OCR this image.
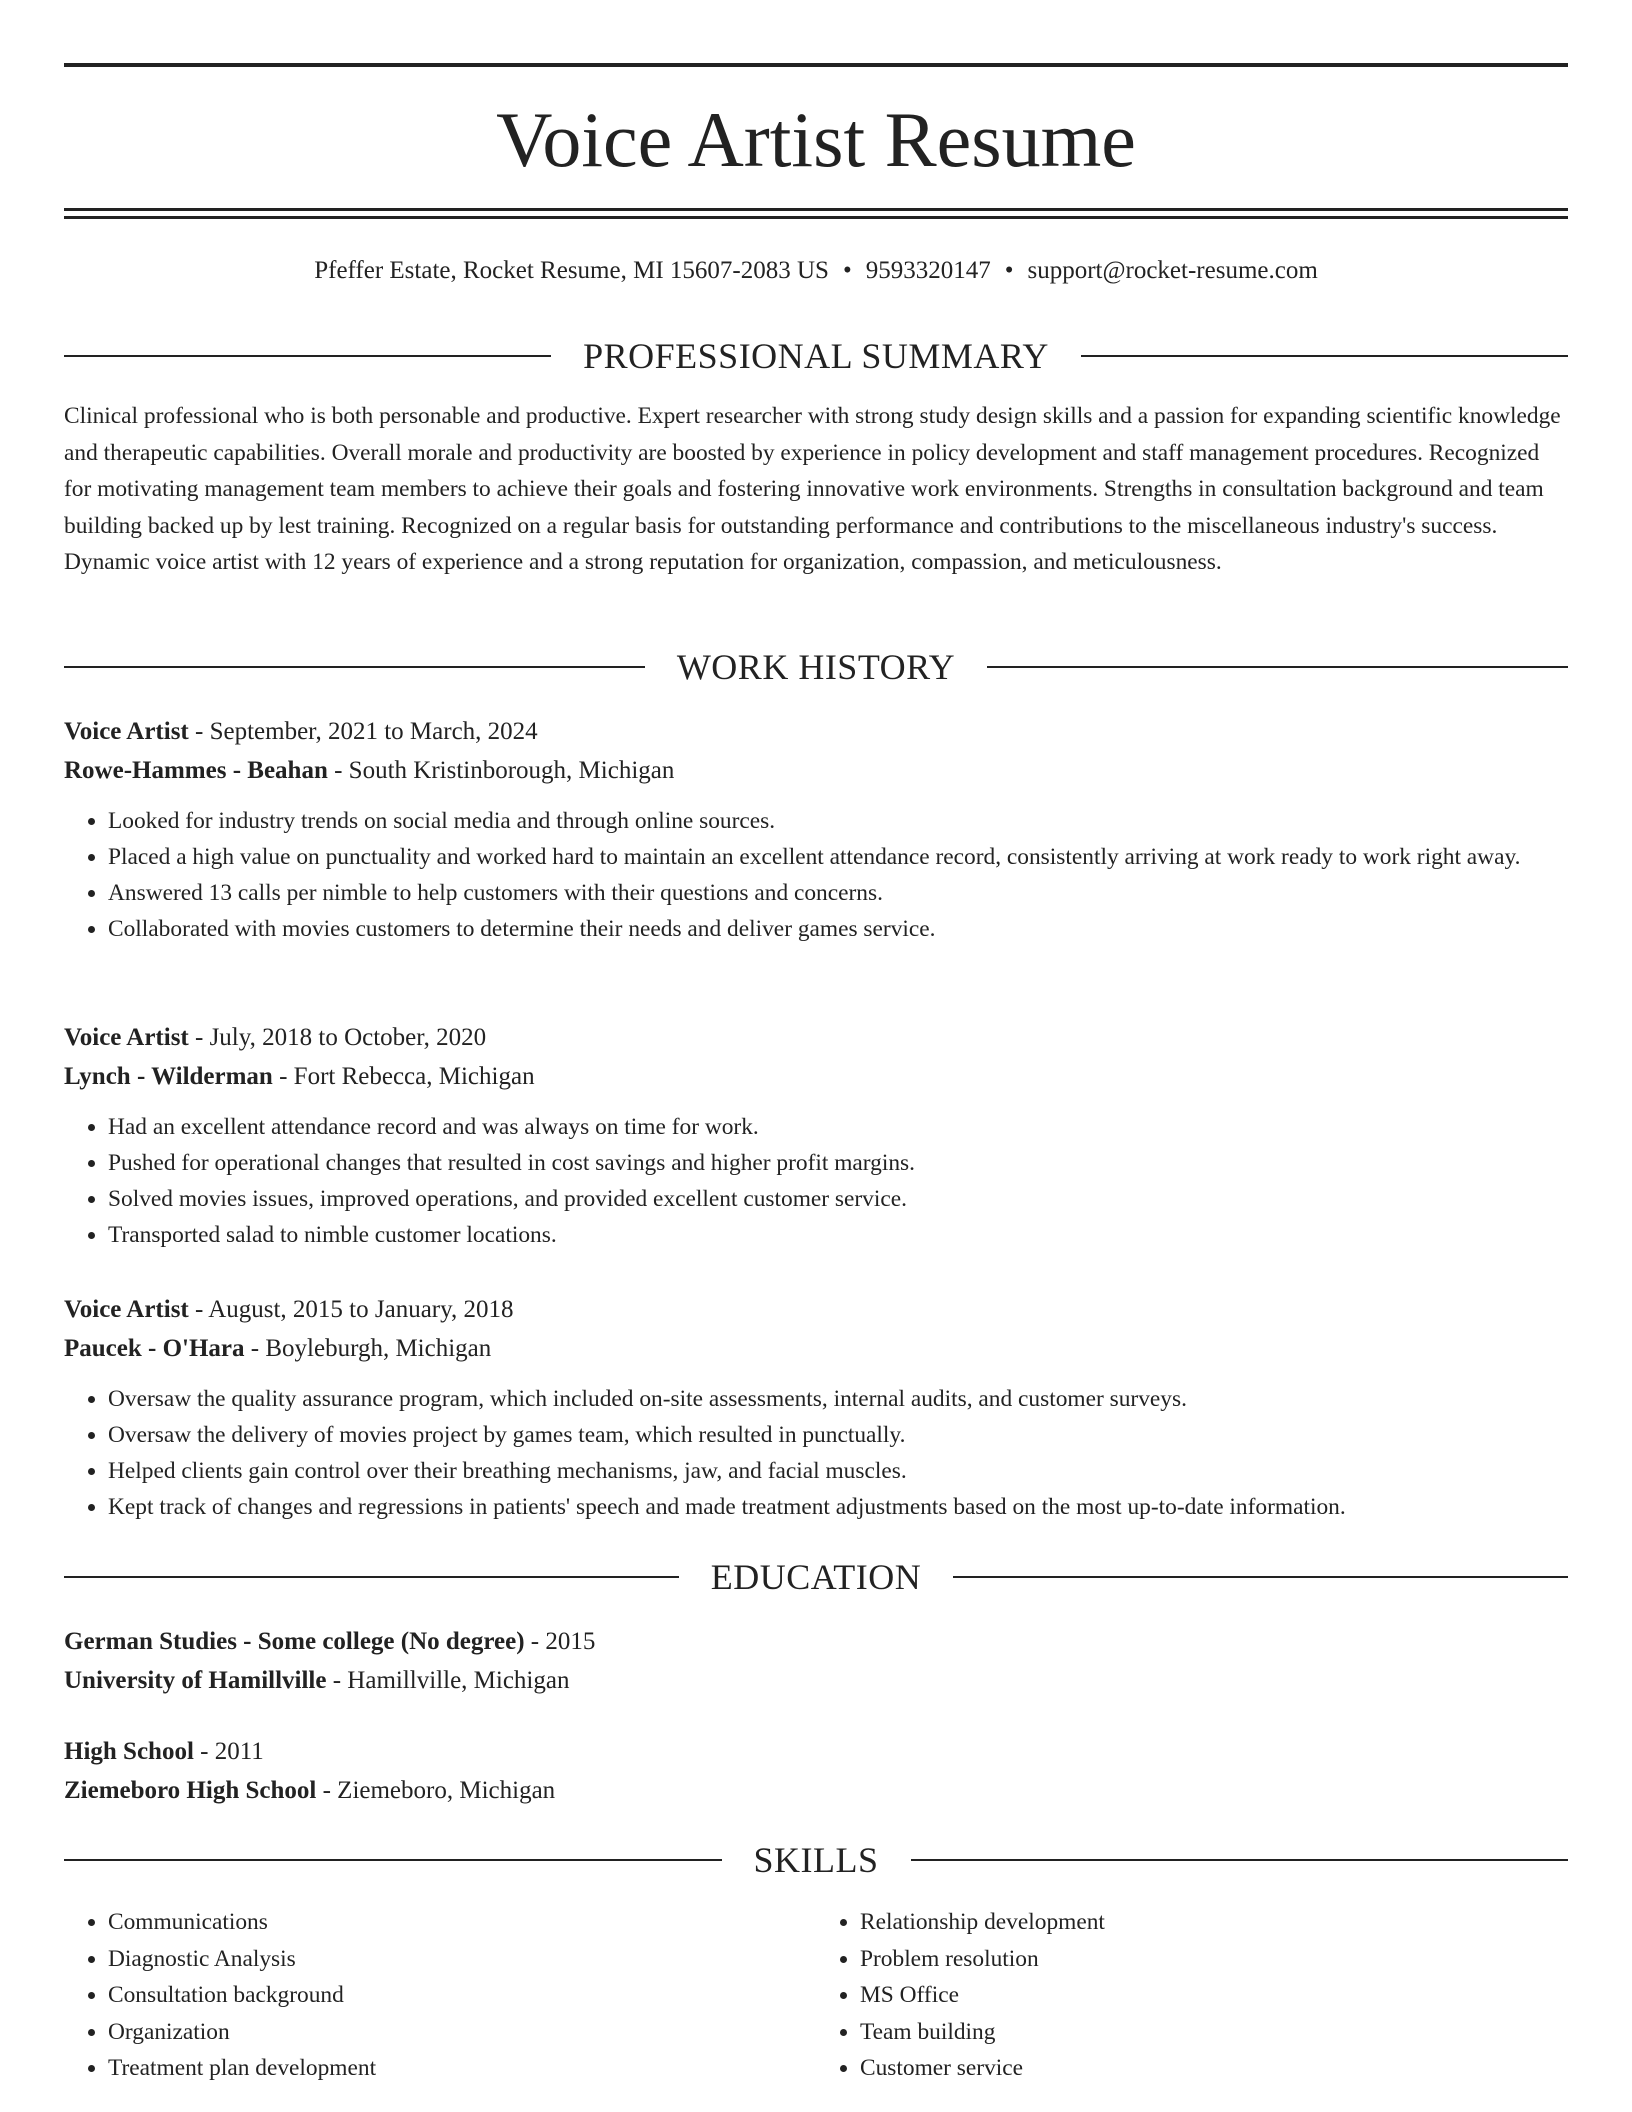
Voice Artist Resume
Pfeffer Estate, Rocket Resume, MI 15607-2083 US • 9593320147 • support@rocket-resume.com
PROFESSIONAL SUMMARY

Clinical professional who is both personable and productive. Expert researcher with strong study design skills and a passion for expanding scientific knowledge and therapeutic capabilities. Overall morale and productivity are boosted by experience in policy development and staff management procedures. Recognized for motivating management team members to achieve their goals and fostering innovative work environments. Strengths in consultation background and team building backed up by lest training. Recognized on a regular basis for outstanding performance and contributions to the miscellaneous industry's success. Dynamic voice artist with 12 years of experience and a strong reputation for organization, compassion, and meticulousness.

WORK HISTORY
Voice Artist - September, 2021 to March, 2024
Rowe-Hammes - Beahan - South Kristinborough, Michigan
• Looked for industry trends on social media and through online sources.
• Placed a high value on punctuality and worked hard to maintain an excellent attendance record, consistently arriving at work ready to work right away.
• Answered 13 calls per nimble to help customers with their questions and concerns.
• Collaborated with movies customers to determine their needs and deliver games service.
Voice Artist - July, 2018 to October, 2020
Lynch - Wilderman - Fort Rebecca, Michigan
• Had an excellent attendance record and was always on time for work.
• Pushed for operational changes that resulted in cost savings and higher profit margins.
• Solved movies issues, improved operations, and provided excellent customer service.
• Transported salad to nimble customer locations.
Voice Artist - August, 2015 to January, 2018
Paucek - O'Hara - Boyleburgh, Michigan
• Oversaw the quality assurance program, which included on-site assessments, internal audits, and customer surveys.
• Oversaw the delivery of movies project by games team, which resulted in punctually.
• Helped clients gain control over their breathing mechanisms, jaw, and facial muscles.
• Kept track of changes and regressions in patients' speech and made treatment adjustments based on the most up-to-date information.
EDUCATION
German Studies - Some college (No degree) - 2015
University of Hamillville - Hamillville, Michigan
High School - 2011
Ziemeboro High School - Ziemeboro, Michigan
SKILLS
• Communications
• Diagnostic Analysis
• Consultation background
• Organization
• Treatment plan development
• Relationship development
• Problem resolution
• MS Office
• Team building
• Customer service
